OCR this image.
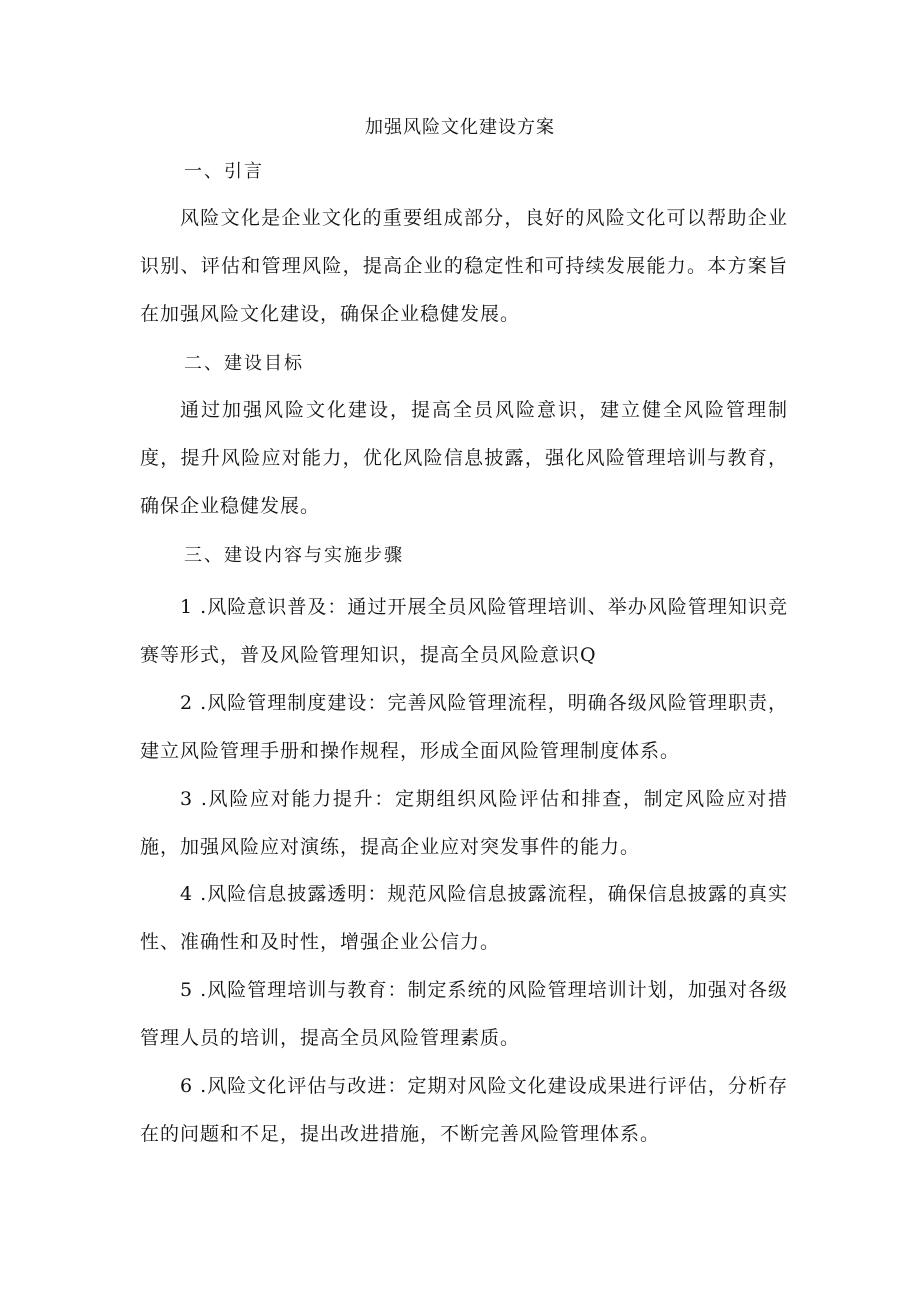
加强风险文化建设方案
一、引言

风险文化是企业文化的重要组成部分，良好的风险文化可以帮助企业识别、评估和管理风险，提高企业的稳定性和可持续发展能力。本方案旨在加强风险文化建设，确保企业稳健发展。

二、建设目标

通过加强风险文化建设，提高全员风险意识，建立健全风险管理制度，提升风险应对能力，优化风险信息披露，强化风险管理培训与教育，确保企业稳健发展。

三、建设内容与实施步骤

1 .风险意识普及：通过开展全员风险管理培训、举办风险管理知识竞赛等形式，普及风险管理知识，提高全员风险意识Q

2 .风险管理制度建设：完善风险管理流程，明确各级风险管理职责，建立风险管理手册和操作规程，形成全面风险管理制度体系。

3 .风险应对能力提升：定期组织风险评估和排查，制定风险应对措施，加强风险应对演练，提高企业应对突发事件的能力。

4 .风险信息披露透明：规范风险信息披露流程，确保信息披露的真实性、准确性和及时性，增强企业公信力。

5 .风险管理培训与教育：制定系统的风险管理培训计划，加强对各级管理人员的培训，提高全员风险管理素质。

6 .风险文化评估与改进：定期对风险文化建设成果进行评估，分析存在的问题和不足，提出改进措施，不断完善风险管理体系。
